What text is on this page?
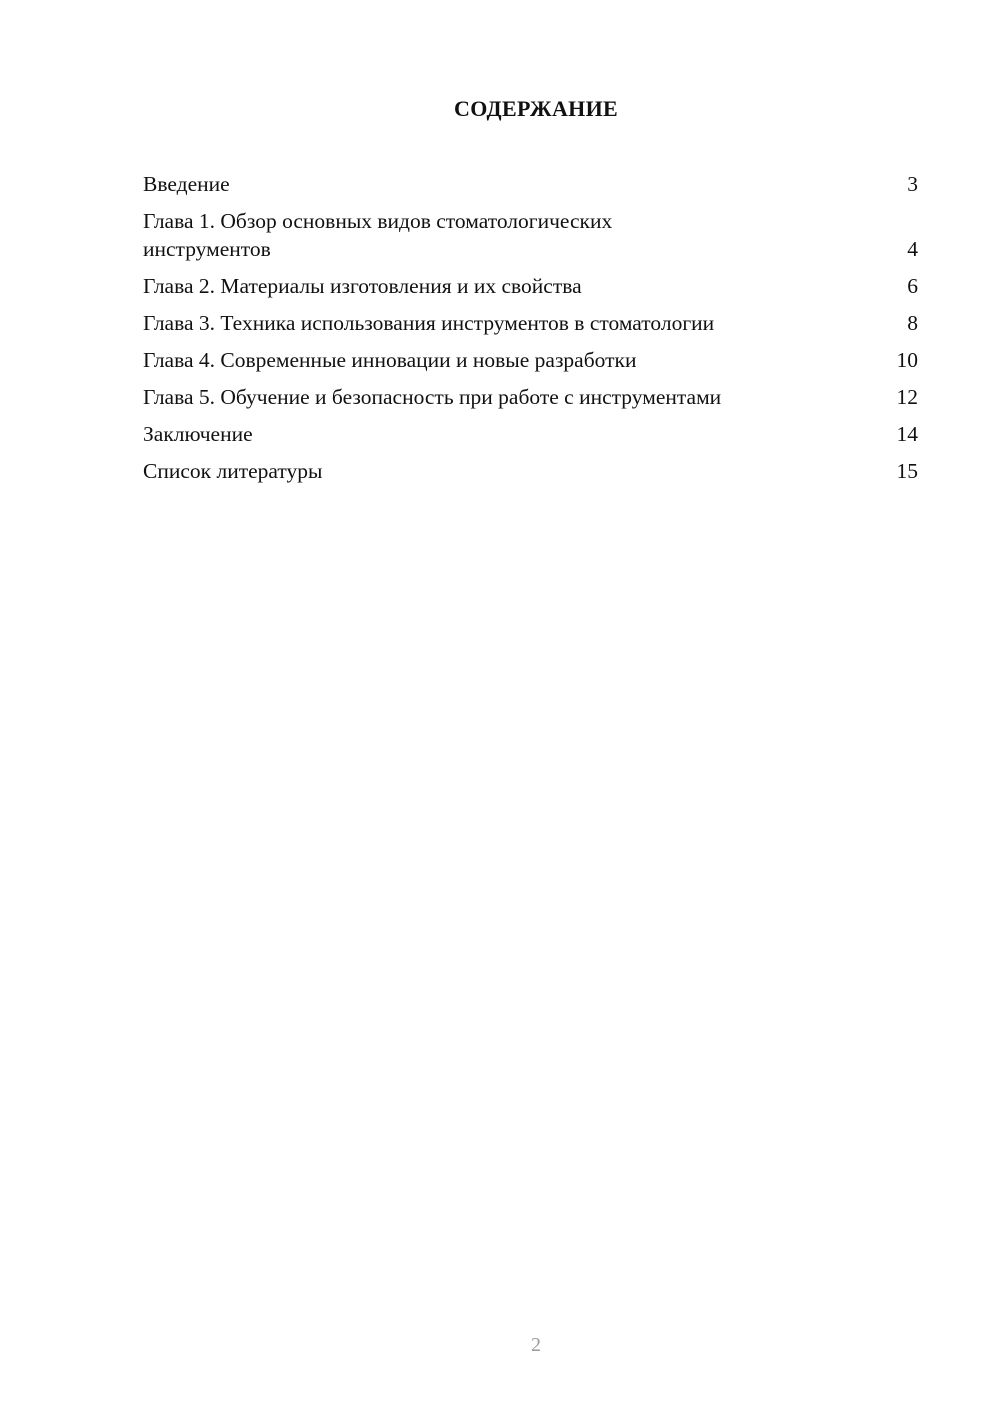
СОДЕРЖАНИЕ
Введение	3
Глава 1. Обзор основных видов стоматологических инструментов	4
Глава 2. Материалы изготовления и их свойства	6
Глава 3. Техника использования инструментов в стоматологии	8
Глава 4. Современные инновации и новые разработки	10
Глава 5. Обучение и безопасность при работе с инструментами	12
Заключение	14
Список литературы	15
2
